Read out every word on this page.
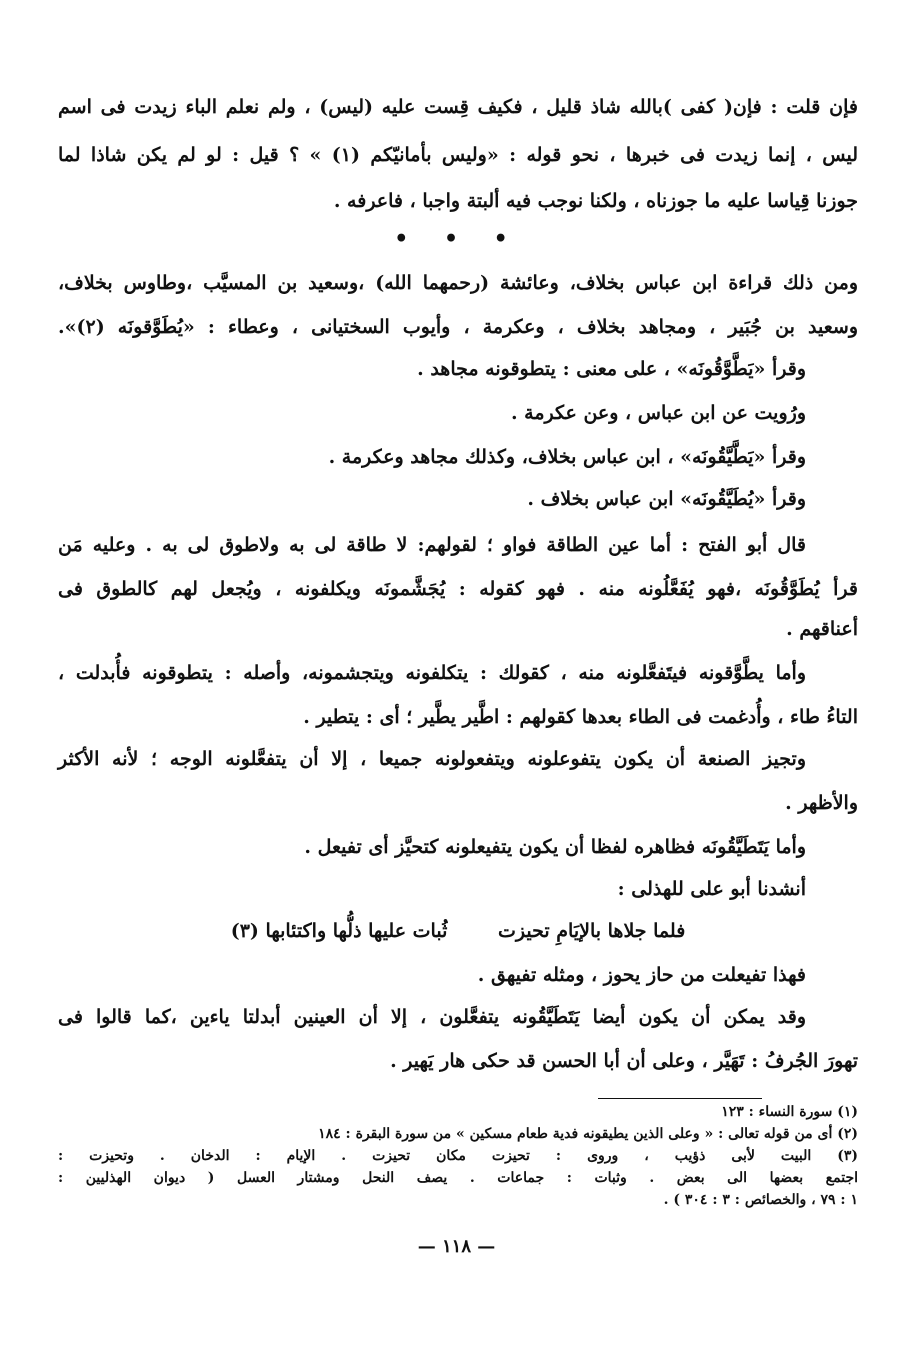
فإن قلت : فإن( كفى )بالله شاذ قليل ، فكيف قِست عليه (ليس) ، ولم نعلم الباء زيدت فى اسم
ليس ، إنما زيدت فى خبرها ، نحو قوله : «وليس بأمانيّكم (١) » ؟ قيل : لو لم يكن شاذا لما
جوزنا قِياسا عليه ما جوزناه ، ولكنا نوجب فيه ألبتة واجبا ، فاعرفه .
• • •
ومن ذلك قراءة ابن عباس بخلاف، وعائشة (رحمهما الله) ،وسعيد بن المسيَّب ،وطاوس بخلاف،
وسعيد بن جُبَير ، ومجاهد بخلاف ، وعكرمة ، وأيوب السختيانى ، وعطاء : «يُطَوَّقونَه (٢)».
وقرأ «يَطَّوَّقُونَه» ، على معنى : يتطوقونه مجاهد .
ورُويت عن ابن عباس ، وعن عكرمة .
وقرأ «يَطَّيَّقُونَه» ، ابن عباس بخلاف، وكذلك مجاهد وعكرمة .
وقرأ «يُطَيَّقُونَه» ابن عباس بخلاف .
قال أبو الفتح : أما عين الطاقة فواو ؛ لقولهم: لا طاقة لى به ولاطوق لى به . وعليه مَن
قرأ يُطَوَّقُونَه ،فهو يُفَعَّلُونه منه . فهو كقوله : يُجَشَّمونَه ويكلفونه ، ويُجعل لهم كالطوق فى
أعناقهم .
وأما يطَّوَّقونه فيتَفعَّلونه منه ، كقولك : يتكلفونه ويتجشمونه، وأصله : يتطوقونه فأُبدلت ،
التاءُ طاء ، وأُدغمت فى الطاء بعدها كقولهم : اطَّير يطَّير ؛ أى : يتطير .
وتجيز الصنعة أن يكون يتفوعلونه ويتفعولونه جميعا ، إلا أن يتفعَّلونه الوجه ؛ لأنه الأكثر
والأظهر .
وأما يَتَطَيَّقُونَه فظاهره لفظا أن يكون يتفيعلونه كتحيَّز أى تفيعل .
أنشدنا أبو على للهذلى :
فلما جلاها بالإيَامِ تحيزت ثُبات عليها ذلُّها واكتئابها (٣)
فهذا تفيعلت من حاز يحوز ، ومثله تفيهق .
وقد يمكن أن يكون أيضا يَتَطَيَّقُونه يتفعَّلون ، إلا أن العينين أبدلتا ياءين ،كما قالوا فى
تهورَ الجُرفُ : تَهَيَّر ، وعلى أن أبا الحسن قد حكى هار يَهير .
(١) سورة النساء : ١٢٣
(٢) أى من قوله تعالى : « وعلى الذين يطيقونه فدية طعام مسكين » من سورة البقرة : ١٨٤
(٣) البيت لأبى ذؤيب ، وروى : تحيزت مكان تحيزت . الإيام : الدخان . وتحيزت :
اجتمع بعضها الى بعض . وثبات : جماعات . يصف النحل ومشتار العسل ( ديوان الهذليين :
١ : ٧٩ ، والخصائص : ٣ : ٣٠٤ ) .
— ١١٨ —
